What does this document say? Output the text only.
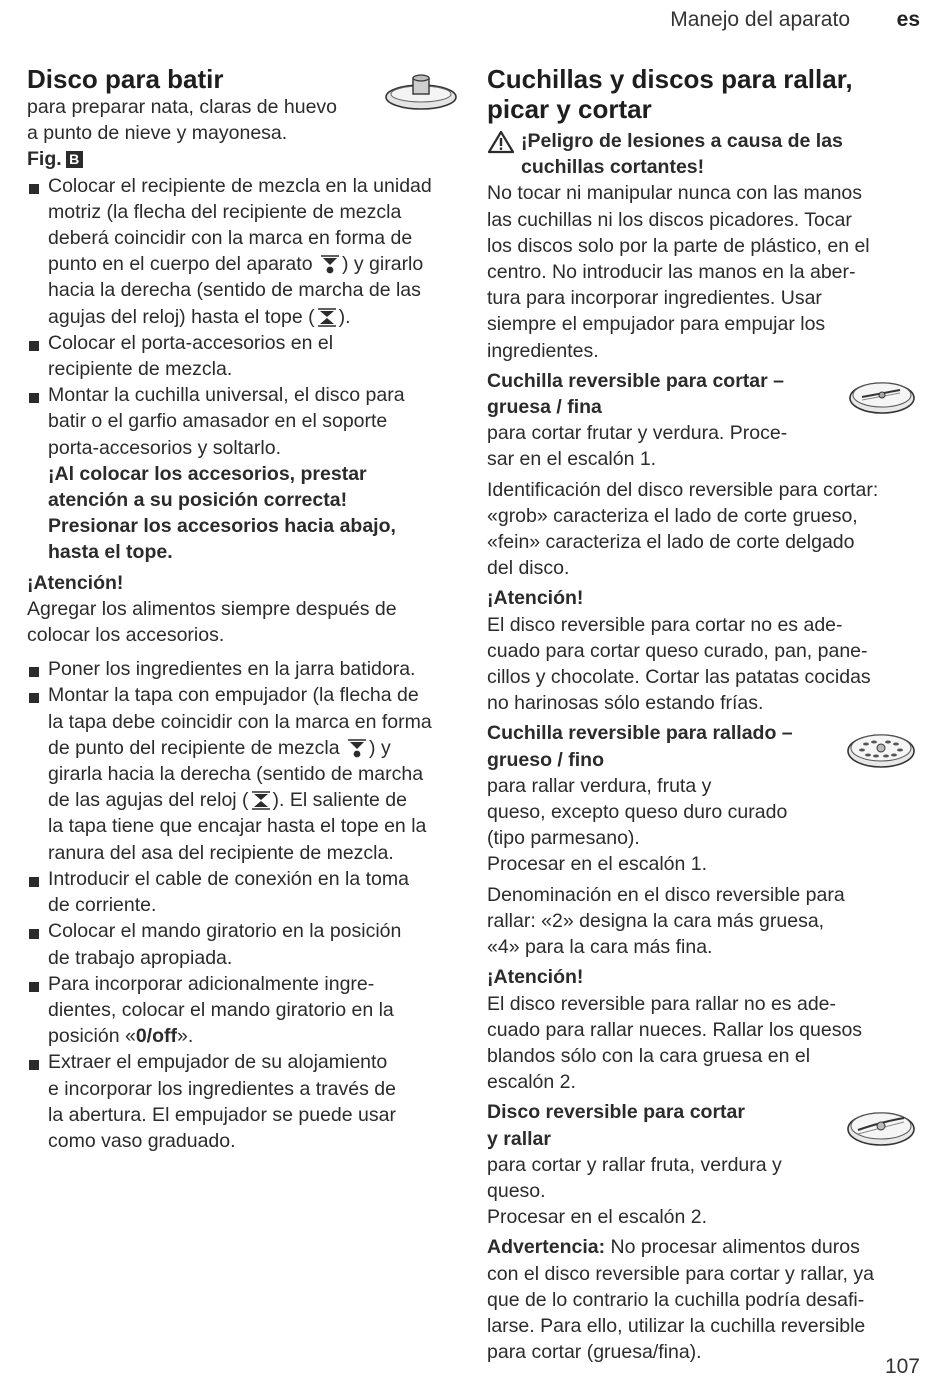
Manejo del aparato es
Disco para batir
para preparar nata, claras de huevo
a punto de nieve y mayonesa.
Fig. B
Colocar el recipiente de mezcla en la unidad
motriz (la flecha del recipiente de mezcla
deberá coincidir con la marca en forma de
punto en el cuerpo del aparato ) y girarlo
hacia la derecha (sentido de marcha de las
agujas del reloj) hasta el tope ( ).
Colocar el porta-accesorios en el
recipiente de mezcla.
Montar la cuchilla universal, el disco para
batir o el garfio amasador en el soporte
porta-accesorios y soltarlo.
¡Al colocar los accesorios, prestar
atención a su posición correcta!
Presionar los accesorios hacia abajo,
hasta el tope.
¡Atención!
Agregar los alimentos siempre después de
colocar los accesorios.
Poner los ingredientes en la jarra batidora.
Montar la tapa con empujador (la flecha de
la tapa debe coincidir con la marca en forma
de punto del recipiente de mezcla ) y
girarla hacia la derecha (sentido de marcha
de las agujas del reloj ( ). El saliente de
la tapa tiene que encajar hasta el tope en la
ranura del asa del recipiente de mezcla.
Introducir el cable de conexión en la toma
de corriente.
Colocar el mando giratorio en la posición
de trabajo apropiada.
Para incorporar adicionalmente ingre-
dientes, colocar el mando giratorio en la
posición «0/off».
Extraer el empujador de su alojamiento
e incorporar los ingredientes a través de
la abertura. El empujador se puede usar
como vaso graduado.
Cuchillas y discos para rallar,
picar y cortar
¡Peligro de lesiones a causa de las
cuchillas cortantes!
No tocar ni manipular nunca con las manos
las cuchillas ni los discos picadores. Tocar
los discos solo por la parte de plástico, en el
centro. No introducir las manos en la aber-
tura para incorporar ingredientes. Usar
siempre el empujador para empujar los
ingredientes.
Cuchilla reversible para cortar –
gruesa / fina
para cortar frutar y verdura. Proce-
sar en el escalón 1.
Identificación del disco reversible para cortar:
«grob» caracteriza el lado de corte grueso,
«fein» caracteriza el lado de corte delgado
del disco.
¡Atención!
El disco reversible para cortar no es ade-
cuado para cortar queso curado, pan, pane-
cillos y chocolate. Cortar las patatas cocidas
no harinosas sólo estando frías.
Cuchilla reversible para rallado –
grueso / fino
para rallar verdura, fruta y
queso, excepto queso duro curado
(tipo parmesano).
Procesar en el escalón 1.
Denominación en el disco reversible para
rallar: «2» designa la cara más gruesa,
«4» para la cara más fina.
¡Atención!
El disco reversible para rallar no es ade-
cuado para rallar nueces. Rallar los quesos
blandos sólo con la cara gruesa en el
escalón 2.
Disco reversible para cortar
y rallar
para cortar y rallar fruta, verdura y
queso.
Procesar en el escalón 2.
Advertencia: No procesar alimentos duros
con el disco reversible para cortar y rallar, ya
que de lo contrario la cuchilla podría desafi-
larse. Para ello, utilizar la cuchilla reversible
para cortar (gruesa/fina).
107
